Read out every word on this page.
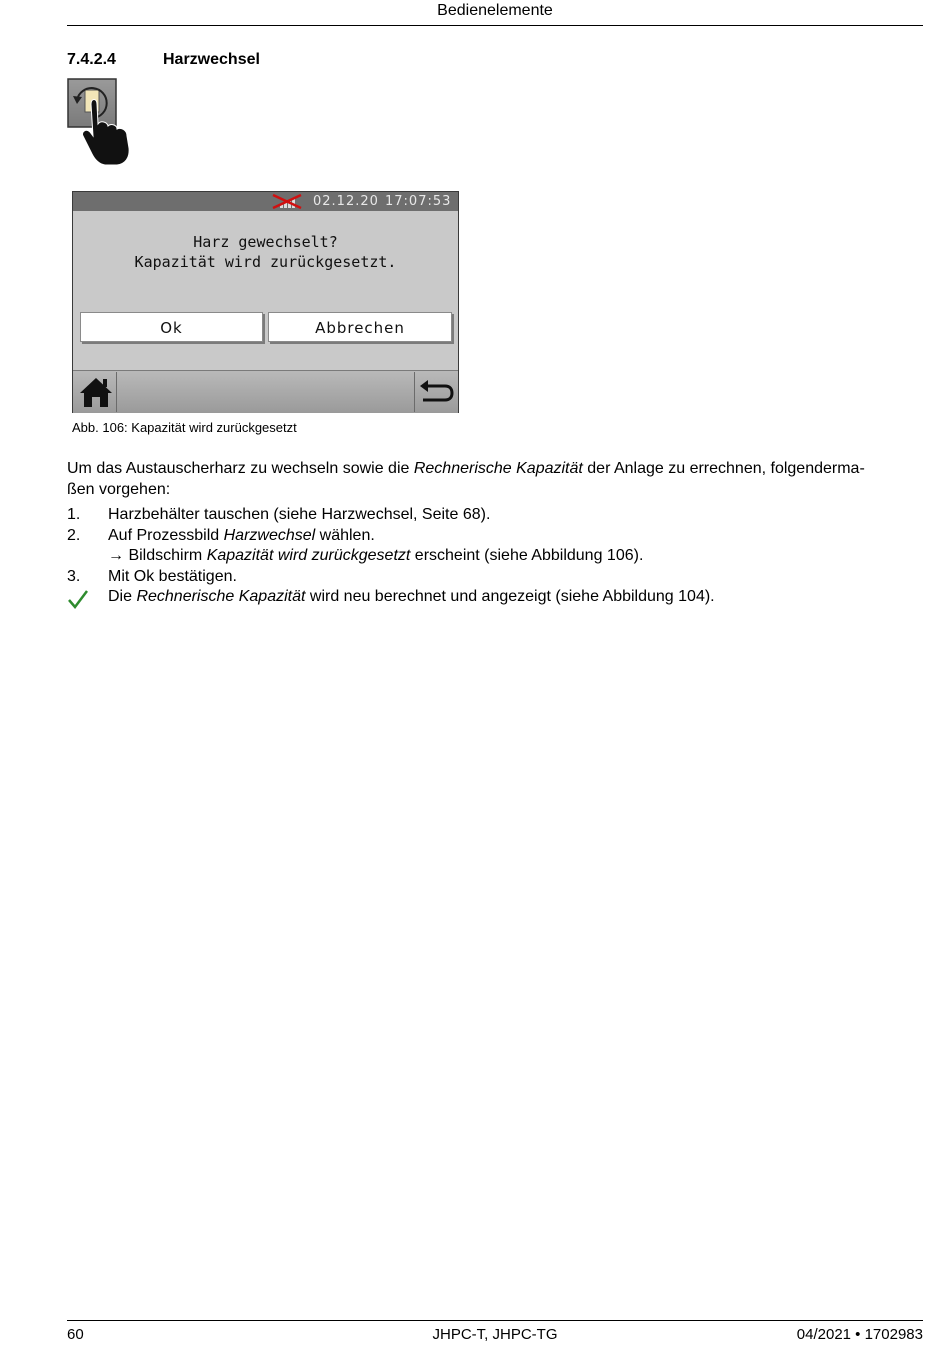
Bedienelemente
7.4.2.4	Harzwechsel
02.12.20 17:07:53
Harz gewechselt?
Kapazität wird zurückgesetzt.
Ok	Abbrechen
Abb. 106: Kapazität wird zurückgesetzt
Um das Austauscherharz zu wechseln sowie die Rechnerische Kapazität der Anlage zu errechnen, folgenderma-
ßen vorgehen:
1. Harzbehälter tauschen (siehe Harzwechsel, Seite 68).
2. Auf Prozessbild Harzwechsel wählen.
→ Bildschirm Kapazität wird zurückgesetzt erscheint (siehe Abbildung 106).
3. Mit Ok bestätigen.
Die Rechnerische Kapazität wird neu berechnet und angezeigt (siehe Abbildung 104).
60	JHPC-T, JHPC-TG	04/2021 • 1702983
